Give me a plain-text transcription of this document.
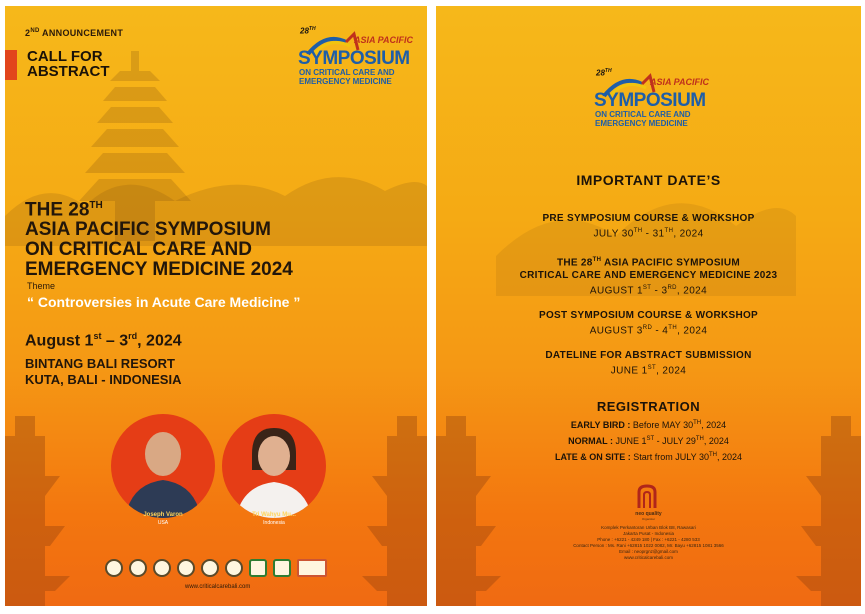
2ND ANNOUNCEMENT
CALL FOR
ABSTRACT
28TH
ASIA PACIFIC
SYMPOSIUM
ON CRITICAL CARE AND
EMERGENCY MEDICINE
THE 28TH
ASIA PACIFIC SYMPOSIUM
ON CRITICAL CARE AND
EMERGENCY MEDICINE 2024
Theme
“ Controversies in Acute Care Medicine ”
August 1st – 3rd, 2024
BINTANG BALI RESORT
KUTA, BALI - INDONESIA
Joseph Varon
USA
Tri Wahyu Mu...
Indonesia
www.criticalcarebali.com
28TH
ASIA PACIFIC
SYMPOSIUM
ON CRITICAL CARE AND
EMERGENCY MEDICINE
IMPORTANT DATE’S
PRE SYMPOSIUM COURSE & WORKSHOP
JULY 30TH - 31TH, 2024
THE 28TH ASIA PACIFIC SYMPOSIUM
CRITICAL CARE AND EMERGENCY MEDICINE 2023
AUGUST 1ST - 3RD, 2024
POST SYMPOSIUM COURSE & WORKSHOP
AUGUST 3RD - 4TH, 2024
DATELINE FOR ABSTRACT SUBMISSION
JUNE 1ST, 2024
REGISTRATION
EARLY BIRD : Before MAY 30TH, 2024
NORMAL : JUNE 1ST - JULY 29TH, 2024
LATE & ON SITE : Start from JULY 30TH, 2024
neo quality
Organizer
Komplek Perkantoran Urban Blok B8, Rawasari
Jakarta Pusat - Indonesia
Phone : +6221 - 4249 180 | Fax : +6221 - 4280 533
Contact Person : Ms. Rani +62815 1022 0082, Mr. Bayu +62815 1081 3566
Email : neoprgnz@gmail.com
www.criticalcarebali.com
